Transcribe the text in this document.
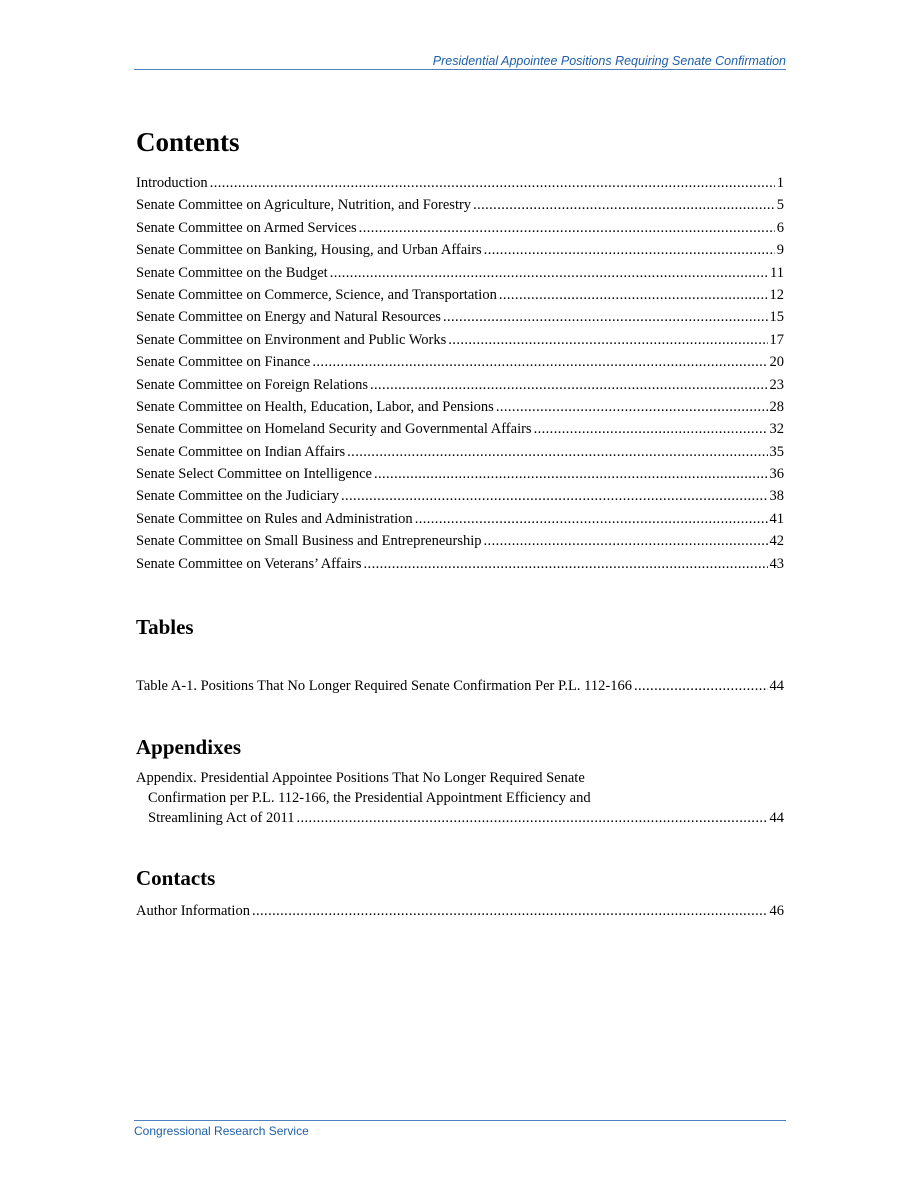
Presidential Appointee Positions Requiring Senate Confirmation
Contents
Introduction .....	1
Senate Committee on Agriculture, Nutrition, and Forestry .....	5
Senate Committee on Armed Services .....	6
Senate Committee on Banking, Housing, and Urban Affairs .....	9
Senate Committee on the Budget .....	11
Senate Committee on Commerce, Science, and Transportation .....	12
Senate Committee on Energy and Natural Resources .....	15
Senate Committee on Environment and Public Works .....	17
Senate Committee on Finance .....	20
Senate Committee on Foreign Relations .....	23
Senate Committee on Health, Education, Labor, and Pensions .....	28
Senate Committee on Homeland Security and Governmental Affairs .....	32
Senate Committee on Indian Affairs .....	35
Senate Select Committee on Intelligence .....	36
Senate Committee on the Judiciary .....	38
Senate Committee on Rules and Administration .....	41
Senate Committee on Small Business and Entrepreneurship .....	42
Senate Committee on Veterans’ Affairs .....	43
Tables
Table A-1. Positions That No Longer Required Senate Confirmation Per P.L. 112-166 .....	44
Appendixes
Appendix. Presidential Appointee Positions That No Longer Required Senate
Confirmation per P.L. 112-166, the Presidential Appointment Efficiency and
Streamlining Act of 2011 .....	44
Contacts
Author Information .....	46
Congressional Research Service
